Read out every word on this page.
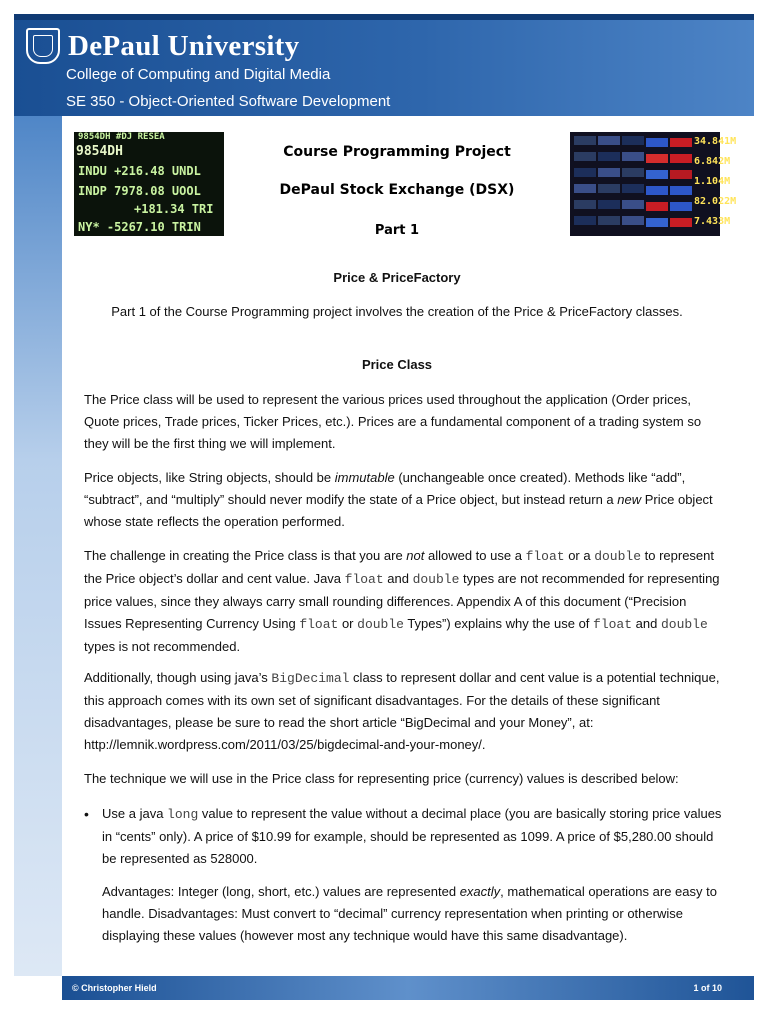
DePaul University
College of Computing and Digital Media
SE 350 - Object-Oriented Software Development
9854DH #DJ RESEA
9854DH
INDU +216.48 UNDL
INDP 7978.08 UOOL
+181.34 TRI
NY* -5267.10 TRIN
Course Programming Project
DePaul Stock Exchange (DSX)
Part 1
34.841M
6.842M
1.104M
82.022M
7.433M
Price & PriceFactory
Part 1 of the Course Programming project involves the creation of the Price & PriceFactory classes.
Price Class
The Price class will be used to represent the various prices used throughout the application (Order prices, Quote prices, Trade prices, Ticker Prices, etc.). Prices are a fundamental component of a trading system so they will be the first thing we will implement.
Price objects, like String objects, should be immutable (unchangeable once created). Methods like “add”, “subtract”, and “multiply” should never modify the state of a Price object, but instead return a new Price object whose state reflects the operation performed.
The challenge in creating the Price class is that you are not allowed to use a float or a double to represent the Price object’s dollar and cent value. Java float and double types are not recommended for representing price values, since they always carry small rounding differences. Appendix A of this document (“Precision Issues Representing Currency Using float or double Types”) explains why the use of float and double types is not recommended.
Additionally, though using java’s BigDecimal class to represent dollar and cent value is a potential technique, this approach comes with its own set of significant disadvantages. For the details of these significant disadvantages, please be sure to read the short article “BigDecimal and your Money”, at: http://lemnik.wordpress.com/2011/03/25/bigdecimal-and-your-money/.
The technique we will use in the Price class for representing price (currency) values is described below:
• Use a java long value to represent the value without a decimal place (you are basically storing price values in “cents” only). A price of $10.99 for example, should be represented as 1099. A price of $5,280.00 should be represented as 528000.
Advantages: Integer (long, short, etc.) values are represented exactly, mathematical operations are easy to handle. Disadvantages: Must convert to “decimal” currency representation when printing or otherwise displaying these values (however most any technique would have this same disadvantage).
© Christopher Hield	1 of 10
